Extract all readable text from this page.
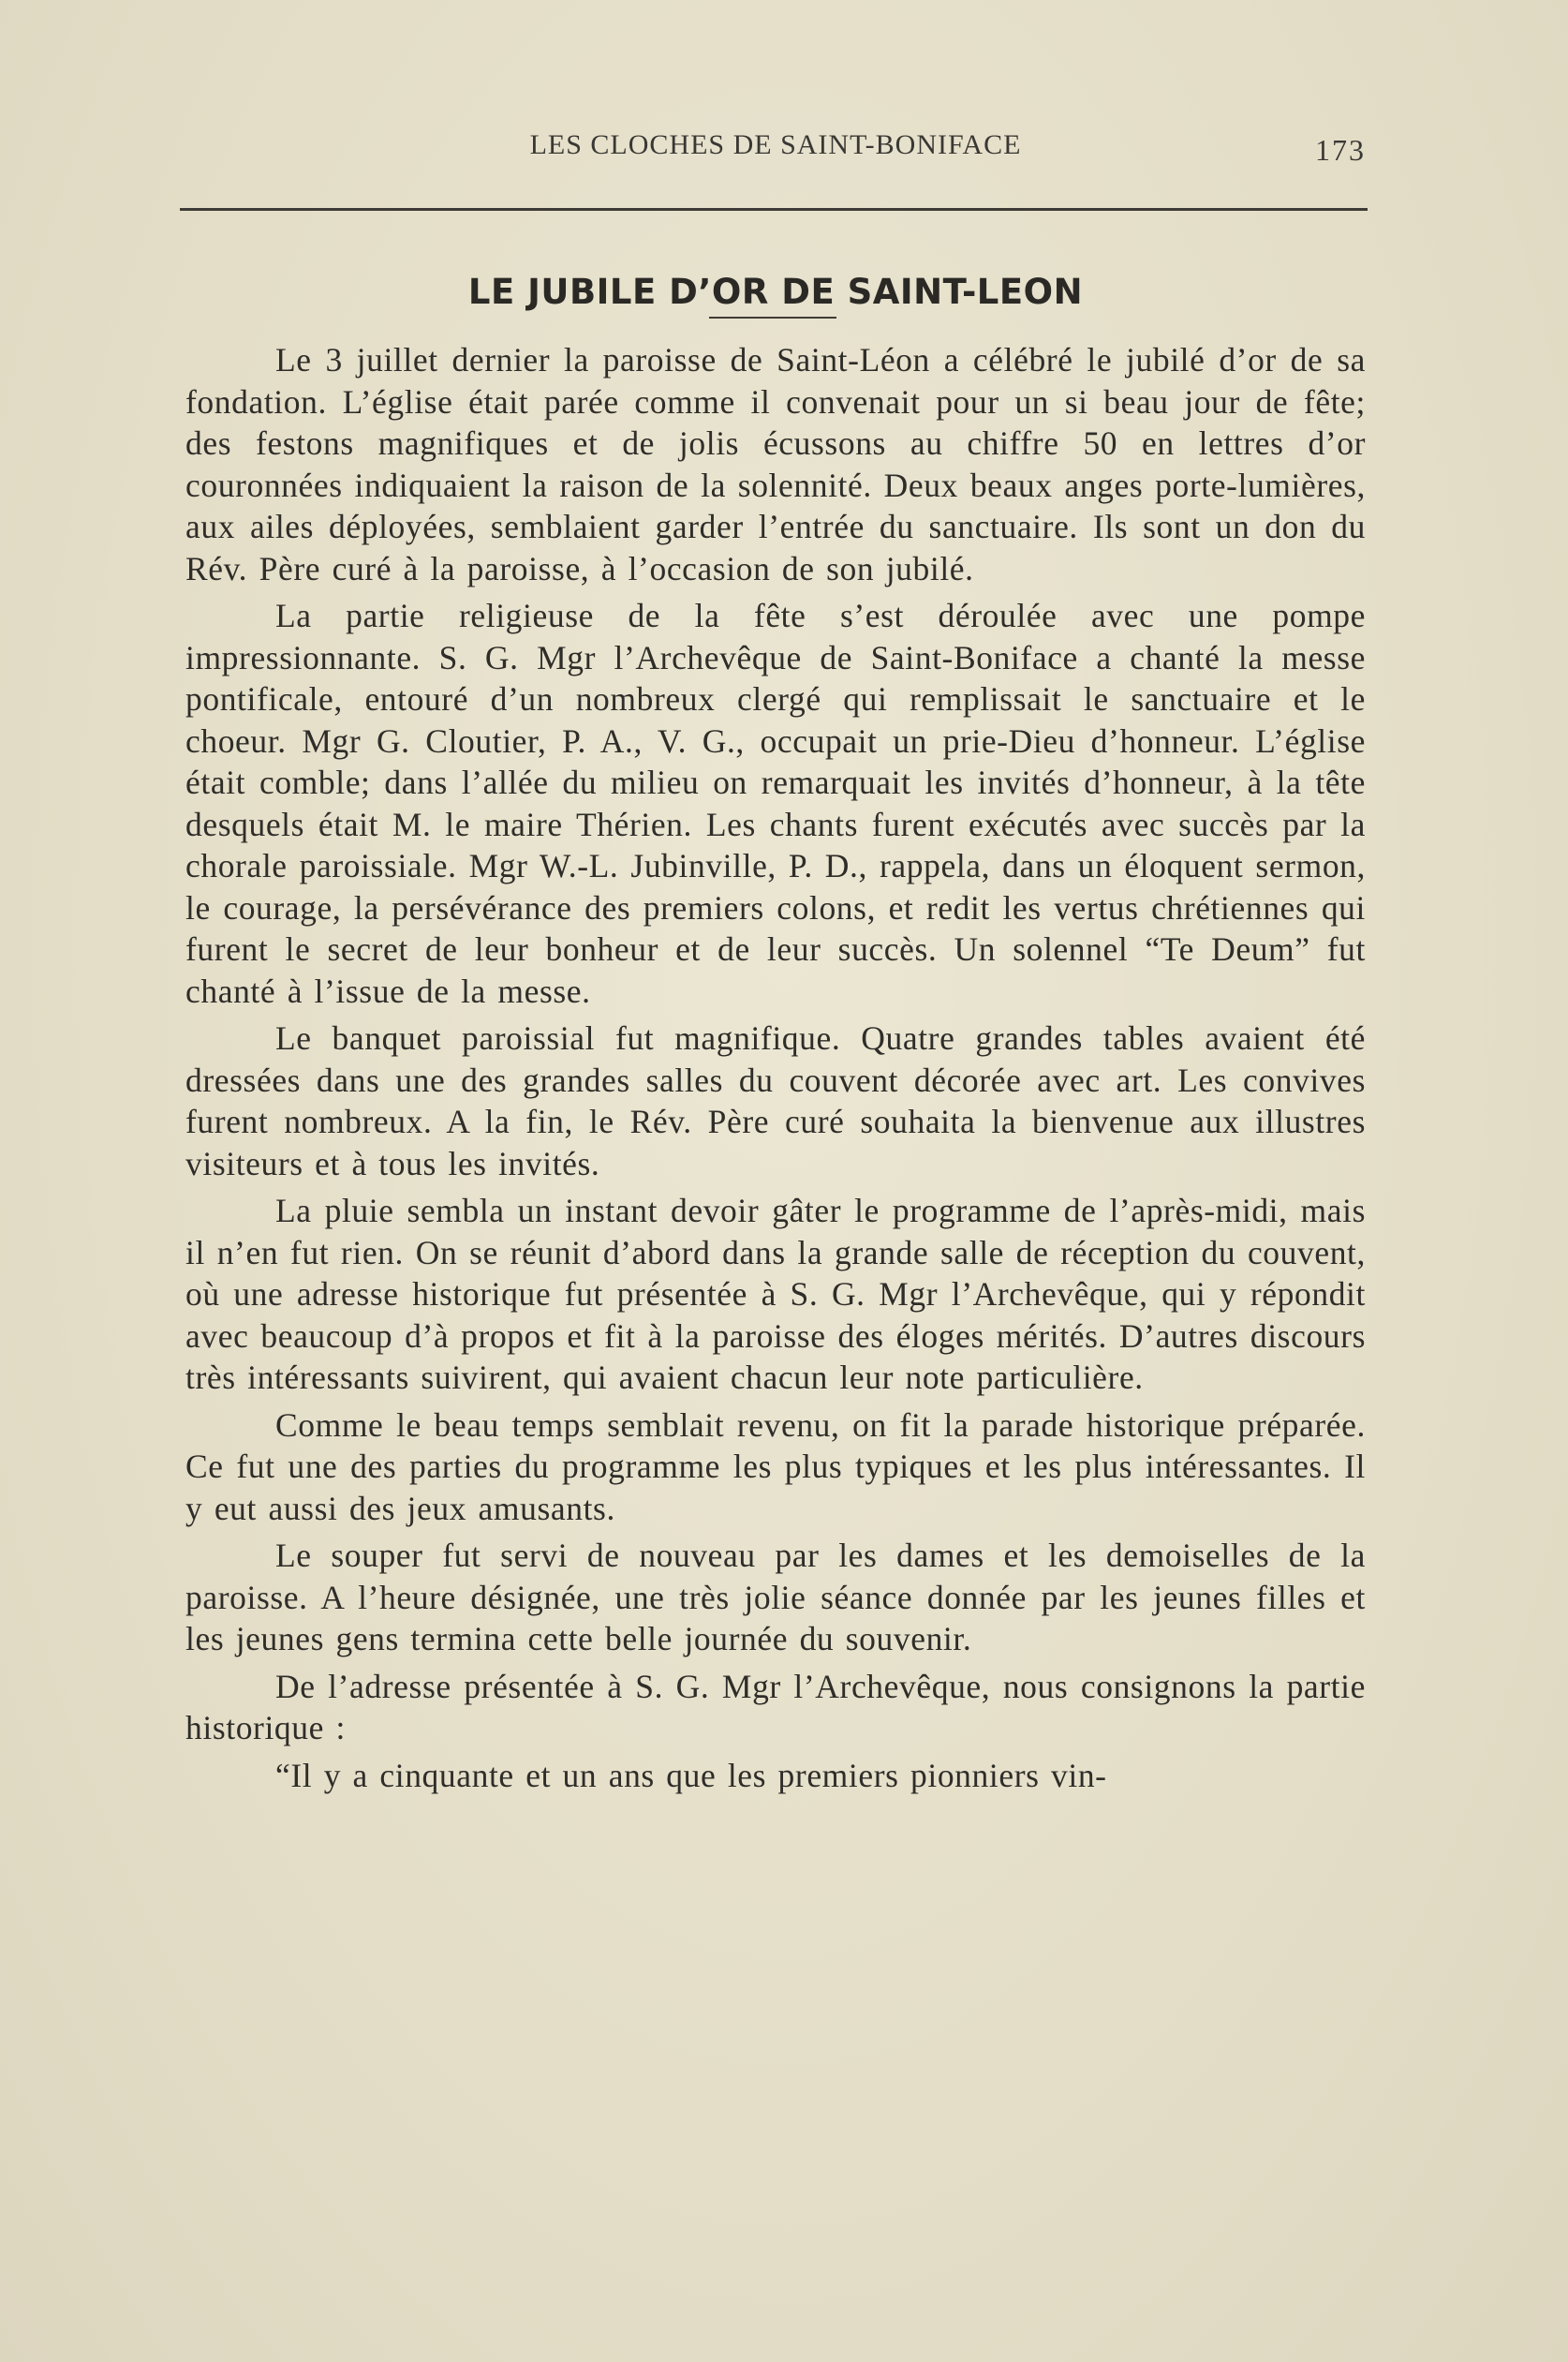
LES CLOCHES DE SAINT-BONIFACE	173
LE JUBILE D’OR DE SAINT-LEON

Le 3 juillet dernier la paroisse de Saint-Léon a célébré le jubilé d’or de sa fondation. L’église était parée comme il convenait pour un si beau jour de fête; des festons magnifiques et de jolis écussons au chiffre 50 en lettres d’or couronnées indiquaient la raison de la solennité. Deux beaux anges porte-lumières, aux ailes déployées, semblaient garder l’entrée du sanctuaire. Ils sont un don du Rév. Père curé à la paroisse, à l’occasion de son jubilé.

La partie religieuse de la fête s’est déroulée avec une pompe impressionnante. S. G. Mgr l’Archevêque de Saint-Boniface a chanté la messe pontificale, entouré d’un nombreux clergé qui remplissait le sanctuaire et le choeur. Mgr G. Cloutier, P. A., V. G., occupait un prie-Dieu d’honneur. L’église était comble; dans l’allée du milieu on remarquait les invités d’honneur, à la tête desquels était M. le maire Thérien. Les chants furent exécutés avec succès par la chorale paroissiale. Mgr W.-L. Jubinville, P. D., rappela, dans un éloquent sermon, le courage, la persévérance des premiers colons, et redit les vertus chrétiennes qui furent le secret de leur bonheur et de leur succès. Un solennel “Te Deum” fut chanté à l’issue de la messe.

Le banquet paroissial fut magnifique. Quatre grandes tables avaient été dressées dans une des grandes salles du couvent décorée avec art. Les convives furent nombreux. A la fin, le Rév. Père curé souhaita la bienvenue aux illustres visiteurs et à tous les invités.

La pluie sembla un instant devoir gâter le programme de l’après-midi, mais il n’en fut rien. On se réunit d’abord dans la grande salle de réception du couvent, où une adresse historique fut présentée à S. G. Mgr l’Archevêque, qui y répondit avec beaucoup d’à propos et fit à la paroisse des éloges mérités. D’autres discours très intéressants suivirent, qui avaient chacun leur note particulière.

Comme le beau temps semblait revenu, on fit la parade historique préparée. Ce fut une des parties du programme les plus typiques et les plus intéressantes. Il y eut aussi des jeux amusants.

Le souper fut servi de nouveau par les dames et les demoiselles de la paroisse. A l’heure désignée, une très jolie séance donnée par les jeunes filles et les jeunes gens termina cette belle journée du souvenir.

De l’adresse présentée à S. G. Mgr l’Archevêque, nous consignons la partie historique :

“Il y a cinquante et un ans que les premiers pionniers vin-
